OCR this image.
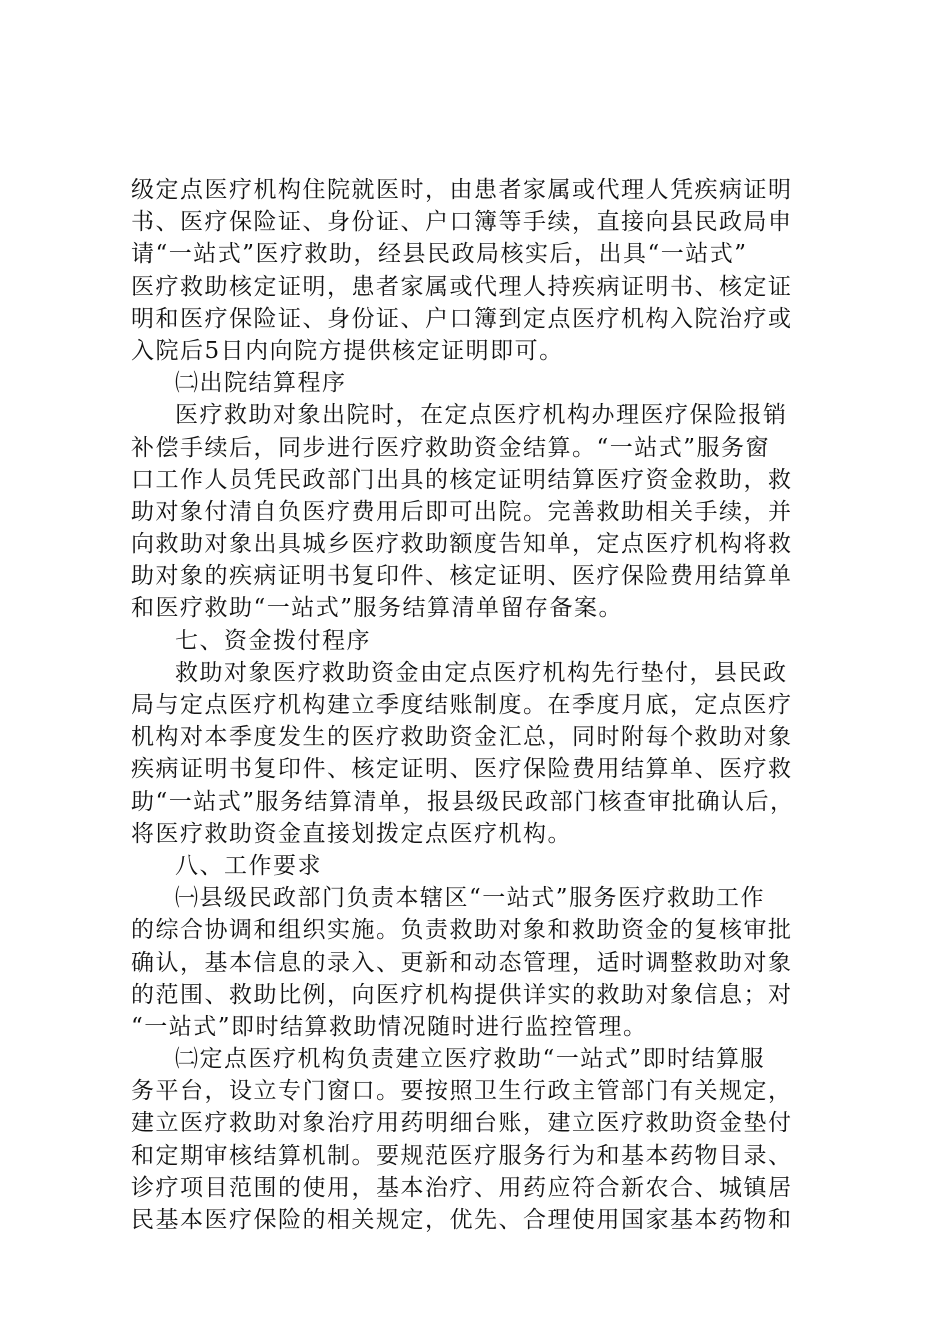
级定点医疗机构住院就医时，由患者家属或代理人凭疾病证明
书、医疗保险证、身份证、户口簿等手续，直接向县民政局申
请“一站式”医疗救助，经县民政局核实后，出具“一站式”
医疗救助核定证明，患者家属或代理人持疾病证明书、核定证
明和医疗保险证、身份证、户口簿到定点医疗机构入院治疗或
入院后5日内向院方提供核定证明即可。
㈡出院结算程序
医疗救助对象出院时，在定点医疗机构办理医疗保险报销
补偿手续后，同步进行医疗救助资金结算。“一站式”服务窗
口工作人员凭民政部门出具的核定证明结算医疗资金救助，救
助对象付清自负医疗费用后即可出院。完善救助相关手续，并
向救助对象出具城乡医疗救助额度告知单，定点医疗机构将救
助对象的疾病证明书复印件、核定证明、医疗保险费用结算单
和医疗救助“一站式”服务结算清单留存备案。
七、资金拨付程序
救助对象医疗救助资金由定点医疗机构先行垫付，县民政
局与定点医疗机构建立季度结账制度。在季度月底，定点医疗
机构对本季度发生的医疗救助资金汇总，同时附每个救助对象
疾病证明书复印件、核定证明、医疗保险费用结算单、医疗救
助“一站式”服务结算清单，报县级民政部门核查审批确认后，
将医疗救助资金直接划拨定点医疗机构。
八、工作要求
㈠县级民政部门负责本辖区“一站式”服务医疗救助工作
的综合协调和组织实施。负责救助对象和救助资金的复核审批
确认，基本信息的录入、更新和动态管理，适时调整救助对象
的范围、救助比例，向医疗机构提供详实的救助对象信息；对
“一站式”即时结算救助情况随时进行监控管理。
㈡定点医疗机构负责建立医疗救助“一站式”即时结算服
务平台，设立专门窗口。要按照卫生行政主管部门有关规定，
建立医疗救助对象治疗用药明细台账，建立医疗救助资金垫付
和定期审核结算机制。要规范医疗服务行为和基本药物目录、
诊疗项目范围的使用，基本治疗、用药应符合新农合、城镇居
民基本医疗保险的相关规定，优先、合理使用国家基本药物和
